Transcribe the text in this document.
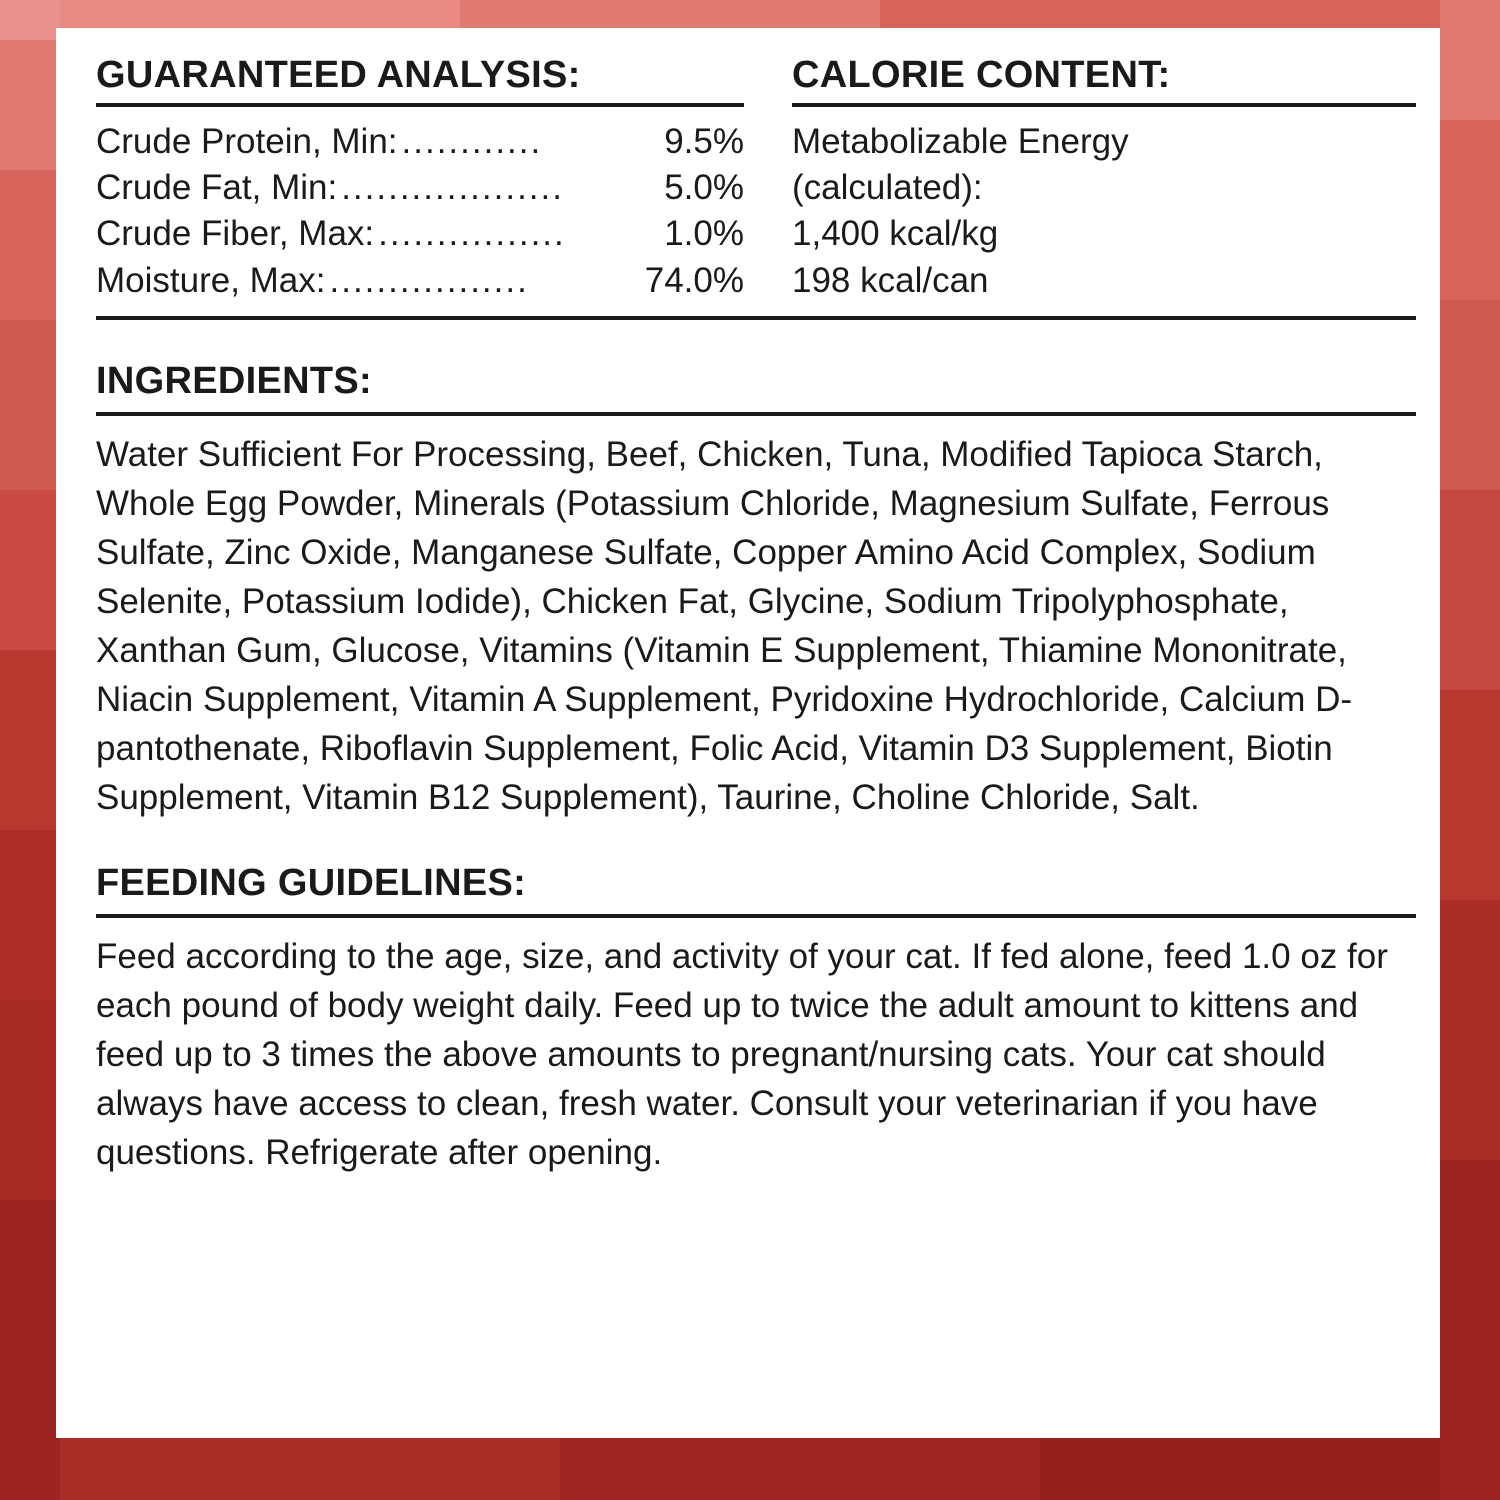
GUARANTEED ANALYSIS:
Crude Protein, Min: ............	9.5%
Crude Fat, Min: ...................	5.0%
Crude Fiber, Max: ................	1.0%
Moisture, Max: .................	74.0%
CALORIE CONTENT:
Metabolizable Energy
(calculated):
1,400 kcal/kg
198 kcal/can
INGREDIENTS:
Water Sufficient For Processing, Beef, Chicken, Tuna, Modified Tapioca Starch, Whole Egg Powder, Minerals (Potassium Chloride, Magnesium Sulfate, Ferrous Sulfate, Zinc Oxide, Manganese Sulfate, Copper Amino Acid Complex, Sodium Selenite, Potassium Iodide), Chicken Fat, Glycine, Sodium Tripolyphosphate, Xanthan Gum, Glucose, Vitamins (Vitamin E Supplement, Thiamine Mononitrate, Niacin Supplement, Vitamin A Supplement, Pyridoxine Hydrochloride, Calcium D-pantothenate, Riboflavin Supplement, Folic Acid, Vitamin D3 Supplement, Biotin Supplement, Vitamin B12 Supplement), Taurine, Choline Chloride, Salt.
FEEDING GUIDELINES:
Feed according to the age, size, and activity of your cat. If fed alone, feed 1.0 oz for each pound of body weight daily. Feed up to twice the adult amount to kittens and feed up to 3 times the above amounts to pregnant/nursing cats. Your cat should always have access to clean, fresh water. Consult your veterinarian if you have questions. Refrigerate after opening.
